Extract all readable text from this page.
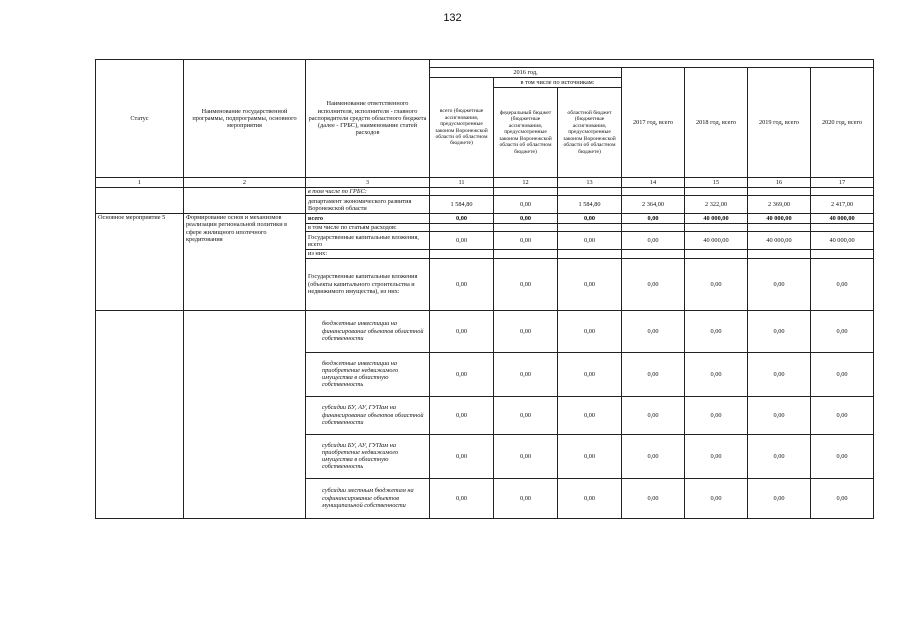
132
Статус	Наименование государственной программы, подпрограммы, основного мероприятия	Наименование ответственного исполнителя, исполнителя - главного распорядителя средств областного бюджета (далее - ГРБС), наименование статей расходов							
			2016 год,			2017 год, всего	2018 год, всего	2019 год, всего	2020 год, всего
			всего (бюджетные ассигнования, предусмотренные законом Воронежской области об областном бюджете)	в том числе по источникам:					
				федеральный бюджет (бюджетные ассигнования, предусмотренные законом Воронежской области об областном бюджете)	областной бюджет (бюджетные ассигнования, предусмотренные законом Воронежской области об областном бюджете)				
1	2	3	11	12	13	14	15	16	17
		в том числе по ГРБС:							
		департамент экономического развития Воронежской области	1 584,80	0,00	1 584,80	2 364,00	2 322,00	2 369,00	2 417,00
Основное мероприятие 5	Формирование основ и механизмов реализации региональной политики в сфере жилищного ипотечного кредитования	всего	0,00	0,00	0,00	0,00	40 000,00	40 000,00	40 000,00
		в том числе по статьям расходов:							
		Государственные капитальные вложения, всего	0,00	0,00	0,00	0,00	40 000,00	40 000,00	40 000,00
		из них:							
		Государственные капитальные вложения (объекты капитального строительства и недвижимого имущества), из них:	0,00	0,00	0,00	0,00	0,00	0,00	0,00
		бюджетные инвестиции на финансирование объектов областной собственности	0,00	0,00	0,00	0,00	0,00	0,00	0,00
		бюджетные инвестиции на приобретение недвижимого имущества в областную собственность	0,00	0,00	0,00	0,00	0,00	0,00	0,00
		субсидии БУ, АУ, ГУПам на финансирование объектов областной собственности	0,00	0,00	0,00	0,00	0,00	0,00	0,00
		субсидии БУ, АУ, ГУПам на приобретение недвижимого имущества в областную собственность	0,00	0,00	0,00	0,00	0,00	0,00	0,00
		субсидии местным бюджетам на софинансирование объектов муниципальной собственности	0,00	0,00	0,00	0,00	0,00	0,00	0,00
